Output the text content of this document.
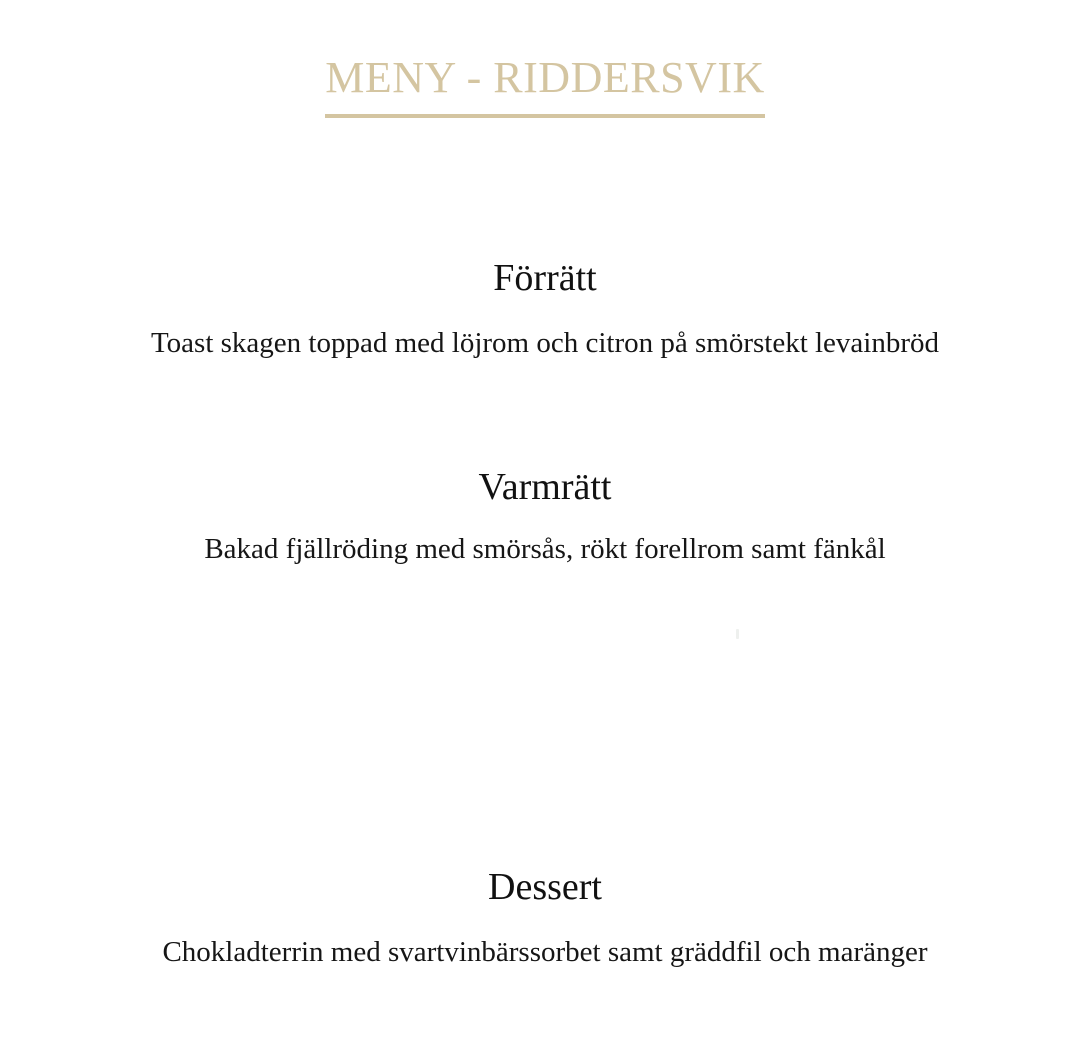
MENY - RIDDERSVIK
Förrätt

Toast skagen toppad med löjrom och citron på smörstekt levainbröd

Varmrätt

Bakad fjällröding med smörsås, rökt forellrom samt fänkål

Dessert

Chokladterrin med svartvinbärssorbet samt gräddfil och maränger
